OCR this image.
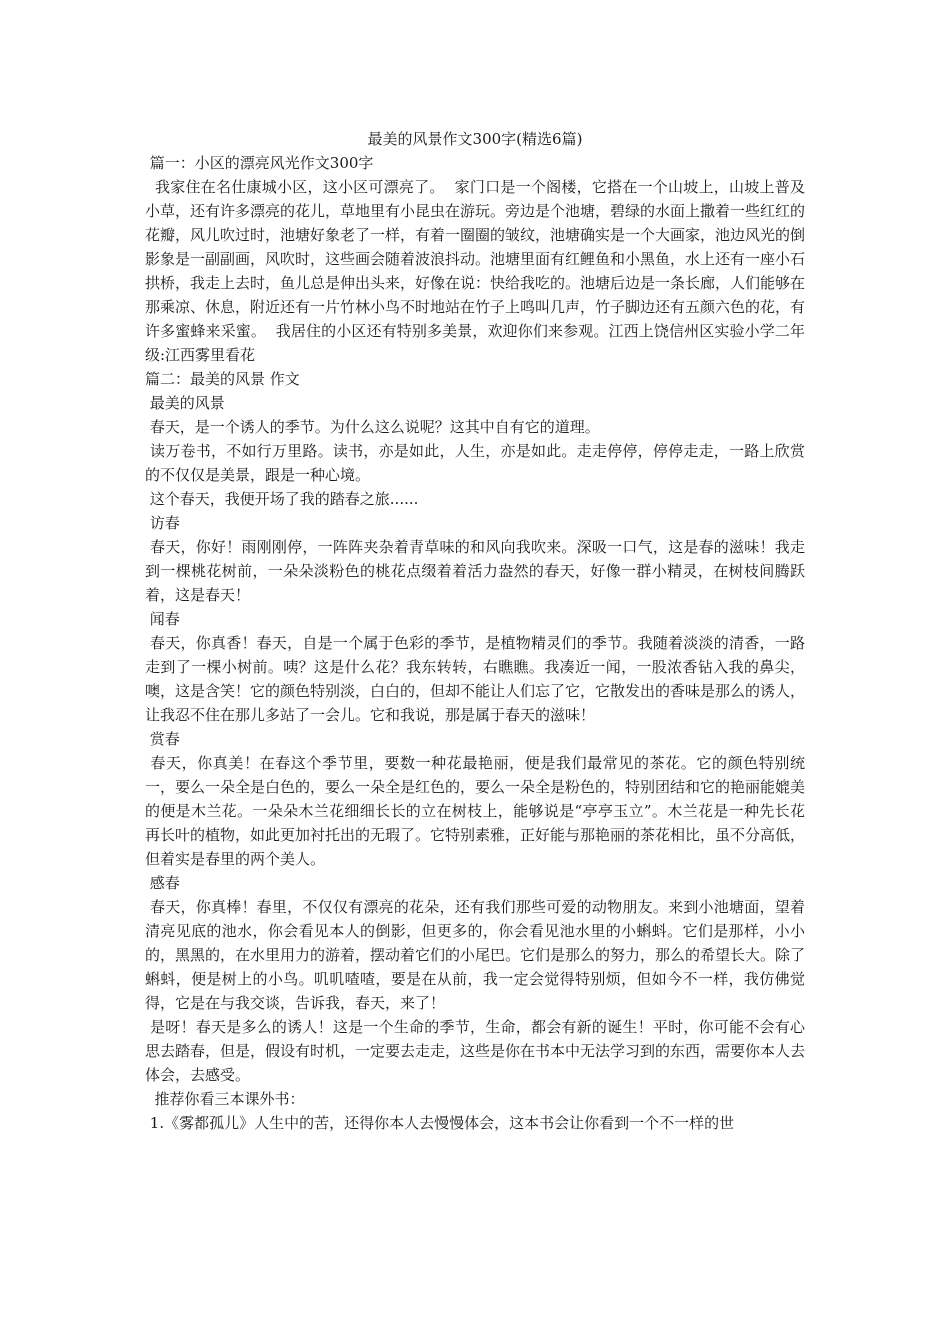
最美的风景作文300字(精选6篇)
篇一：小区的漂亮风光作文300字
我家住在名仕康城小区，这小区可漂亮了。  家门口是一个阁楼，它搭在一个山坡上，山坡上普及小草，还有许多漂亮的花儿，草地里有小昆虫在游玩。旁边是个池塘，碧绿的水面上撒着一些红红的花瓣，风儿吹过时，池塘好象老了一样，有着一圈圈的皱纹，池塘确实是一个大画家，池边风光的倒影象是一副副画，风吹时，这些画会随着波浪抖动。池塘里面有红鲤鱼和小黑鱼，水上还有一座小石拱桥，我走上去时，鱼儿总是伸出头来，好像在说：快给我吃的。池塘后边是一条长廊，人们能够在那乘凉、休息，附近还有一片竹林小鸟不时地站在竹子上鸣叫几声，竹子脚边还有五颜六色的花，有许多蜜蜂来采蜜。  我居住的小区还有特别多美景，欢迎你们来参观。江西上饶信州区实验小学二年级:江西雾里看花
篇二：最美的风景 作文
最美的风景
春天，是一个诱人的季节。为什么这么说呢？这其中自有它的道理。
读万卷书，不如行万里路。读书，亦是如此，人生，亦是如此。走走停停，停停走走，一路上欣赏的不仅仅是美景，跟是一种心境。
这个春天，我便开场了我的踏春之旅......
访春
春天，你好！雨刚刚停，一阵阵夹杂着青草味的和风向我吹来。深吸一口气，这是春的滋味！我走到一棵桃花树前，一朵朵淡粉色的桃花点缀着着活力盎然的春天，好像一群小精灵，在树枝间腾跃着，这是春天！
闻春
春天，你真香！春天，自是一个属于色彩的季节，是植物精灵们的季节。我随着淡淡的清香，一路走到了一棵小树前。咦？这是什么花？我东转转，右瞧瞧。我凑近一闻，一股浓香钻入我的鼻尖，噢，这是含笑！它的颜色特别淡，白白的，但却不能让人们忘了它，它散发出的香味是那么的诱人，让我忍不住在那儿多站了一会儿。它和我说，那是属于春天的滋味！
赏春
春天，你真美！在春这个季节里，要数一种花最艳丽，便是我们最常见的茶花。它的颜色特别统一，要么一朵全是白色的，要么一朵全是红色的，要么一朵全是粉色的，特别团结和它的艳丽能媲美的便是木兰花。一朵朵木兰花细细长长的立在树枝上，能够说是“亭亭玉立”。木兰花是一种先长花再长叶的植物，如此更加衬托出的无瑕了。它特别素雅，正好能与那艳丽的茶花相比，虽不分高低，但着实是春里的两个美人。
感春
春天，你真棒！春里，不仅仅有漂亮的花朵，还有我们那些可爱的动物朋友。来到小池塘面，望着清亮见底的池水，你会看见本人的倒影，但更多的，你会看见池水里的小蝌蚪。它们是那样，小小的，黑黑的，在水里用力的游着，摆动着它们的小尾巴。它们是那么的努力，那么的希望长大。除了蝌蚪，便是树上的小鸟。叽叽喳喳，要是在从前，我一定会觉得特别烦，但如今不一样，我仿佛觉得，它是在与我交谈，告诉我，春天，来了！
是呀！春天是多么的诱人！这是一个生命的季节，生命，都会有新的诞生！平时，你可能不会有心思去踏春，但是，假设有时机，一定要去走走，这些是你在书本中无法学习到的东西，需要你本人去体会，去感受。
推荐你看三本课外书：
1.《雾都孤儿》人生中的苦，还得你本人去慢慢体会，这本书会让你看到一个不一样的世
